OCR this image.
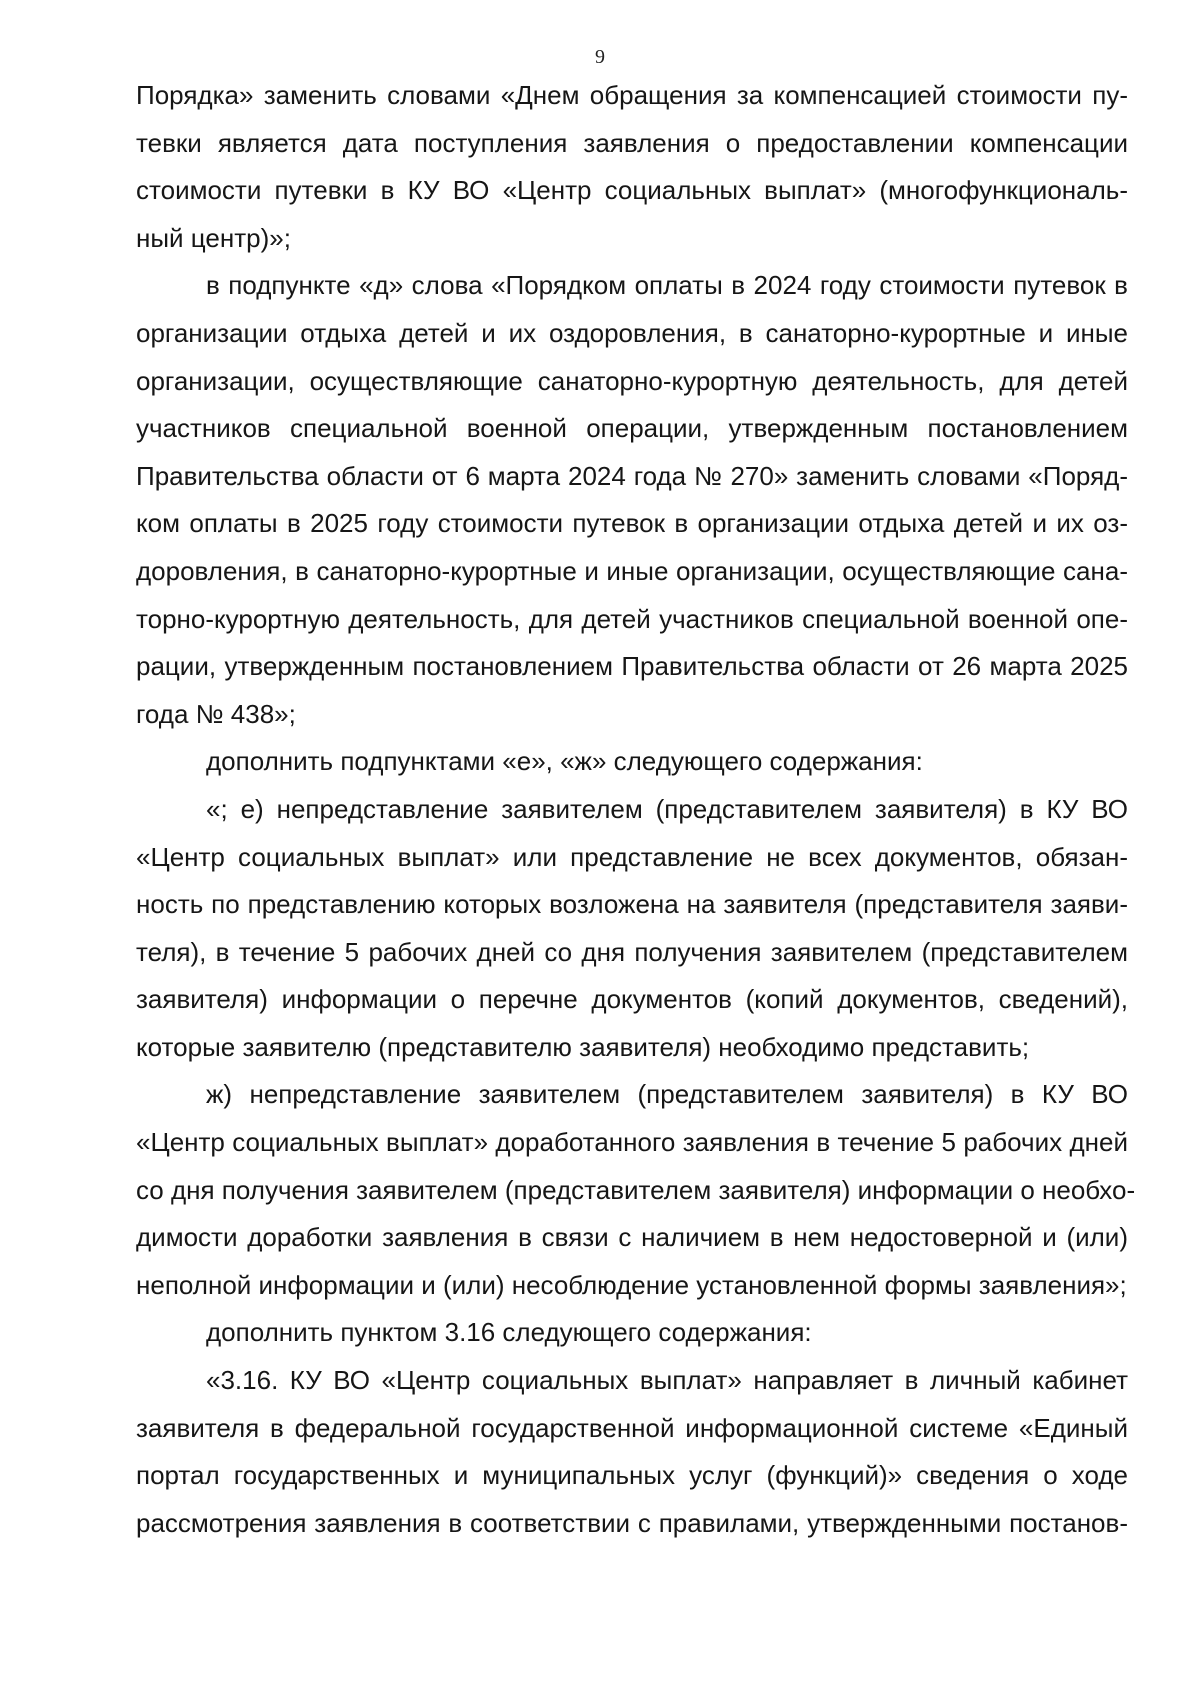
9

Порядка» заменить словами «Днем обращения за компенсацией стоимости пу-
тевки является дата поступления заявления о предоставлении компенсации
стоимости путевки в КУ ВО «Центр социальных выплат» (многофункциональ-
ный центр)»;

в подпункте «д» слова «Порядком оплаты в 2024 году стоимости путевок в
организации отдыха детей и их оздоровления, в санаторно-курортные и иные
организации, осуществляющие санаторно-курортную деятельность, для детей
участников специальной военной операции, утвержденным постановлением
Правительства области от 6 марта 2024 года № 270» заменить словами «Поряд-
ком оплаты в 2025 году стоимости путевок в организации отдыха детей и их оз-
доровления, в санаторно-курортные и иные организации, осуществляющие сана-
торно-курортную деятельность, для детей участников специальной военной опе-
рации, утвержденным постановлением Правительства области от 26 марта 2025
года № 438»;

дополнить подпунктами «е», «ж» следующего содержания:

«; е) непредставление заявителем (представителем заявителя) в КУ ВО
«Центр социальных выплат» или представление не всех документов, обязан-
ность по представлению которых возложена на заявителя (представителя заяви-
теля), в течение 5 рабочих дней со дня получения заявителем (представителем
заявителя) информации о перечне документов (копий документов, сведений),
которые заявителю (представителю заявителя) необходимо представить;

ж) непредставление заявителем (представителем заявителя) в КУ ВО
«Центр социальных выплат» доработанного заявления в течение 5 рабочих дней
со дня получения заявителем (представителем заявителя) информации о необхо-
димости доработки заявления в связи с наличием в нем недостоверной и (или)
неполной информации и (или) несоблюдение установленной формы заявления»;

дополнить пунктом 3.16 следующего содержания:

«3.16. КУ ВО «Центр социальных выплат» направляет в личный кабинет
заявителя в федеральной государственной информационной системе «Единый
портал государственных и муниципальных услуг (функций)» сведения о ходе
рассмотрения заявления в соответствии с правилами, утвержденными постанов-
